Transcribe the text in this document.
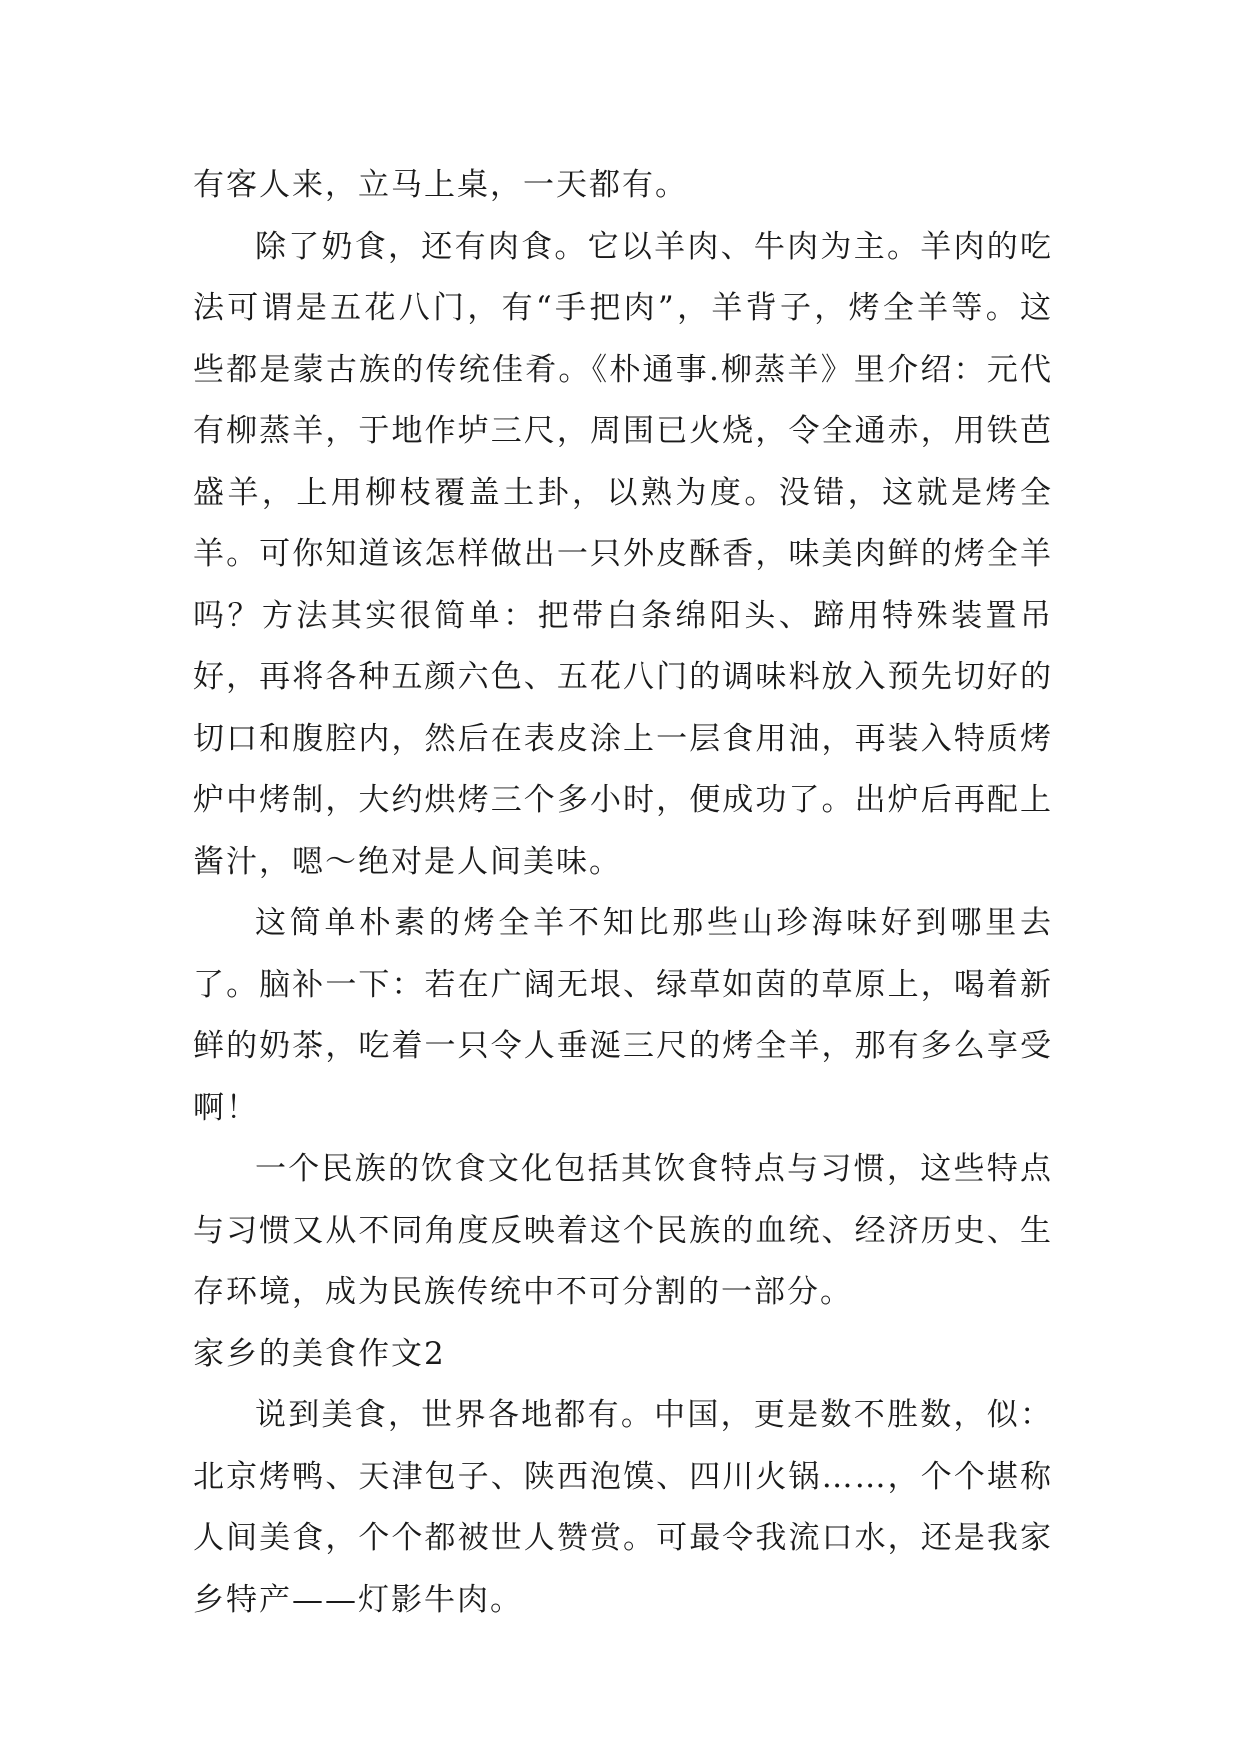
有客人来，立马上桌，一天都有。

除了奶食，还有肉食。它以羊肉、牛肉为主。羊肉的吃法可谓是五花八门，有“手把肉”，羊背子，烤全羊等。这些都是蒙古族的传统佳肴。《朴通事.柳蒸羊》里介绍：元代有柳蒸羊，于地作垆三尺，周围已火烧，令全通赤，用铁芭盛羊，上用柳枝覆盖土卦，以熟为度。没错，这就是烤全羊。可你知道该怎样做出一只外皮酥香，味美肉鲜的烤全羊吗？方法其实很简单：把带白条绵阳头、蹄用特殊装置吊好，再将各种五颜六色、五花八门的调味料放入预先切好的切口和腹腔内，然后在表皮涂上一层食用油，再装入特质烤炉中烤制，大约烘烤三个多小时，便成功了。出炉后再配上酱汁，嗯～绝对是人间美味。

这简单朴素的烤全羊不知比那些山珍海味好到哪里去了。脑补一下：若在广阔无垠、绿草如茵的草原上，喝着新鲜的奶茶，吃着一只令人垂涎三尺的烤全羊，那有多么享受啊！

一个民族的饮食文化包括其饮食特点与习惯，这些特点与习惯又从不同角度反映着这个民族的血统、经济历史、生存环境，成为民族传统中不可分割的一部分。

家乡的美食作文2

说到美食，世界各地都有。中国，更是数不胜数，似：北京烤鸭、天津包子、陕西泡馍、四川火锅……，个个堪称人间美食，个个都被世人赞赏。可最令我流口水，还是我家乡特产——灯影牛肉。
